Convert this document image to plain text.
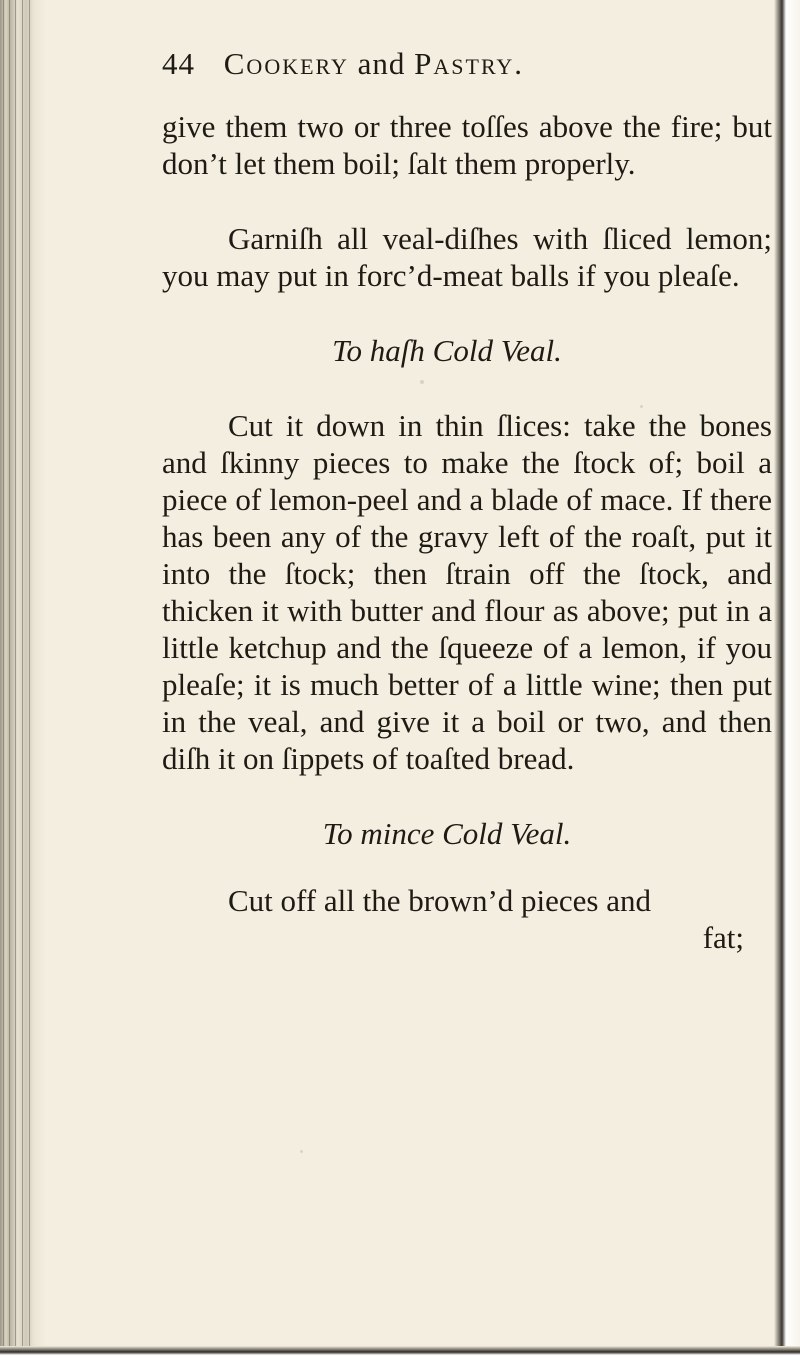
44 Cookery and Pastry.

give them two or three toſſes above the fire; but don’t let them boil; ſalt them properly.

Garniſh all veal-diſhes with ſliced lemon; you may put in forc’d-meat balls if you pleaſe.

To haſh Cold Veal.

Cut it down in thin ſlices: take the bones and ſkinny pieces to make the ſtock of; boil a piece of lemon-peel and a blade of mace. If there has been any of the gravy left of the roaſt, put it into the ſtock; then ſtrain off the ſtock, and thicken it with butter and flour as above; put in a little ketchup and the ſqueeze of a lemon, if you pleaſe; it is much better of a little wine; then put in the veal, and give it a boil or two, and then diſh it on ſippets of toaſted bread.

To mince Cold Veal.

Cut off all the brown’d pieces and

fat;
